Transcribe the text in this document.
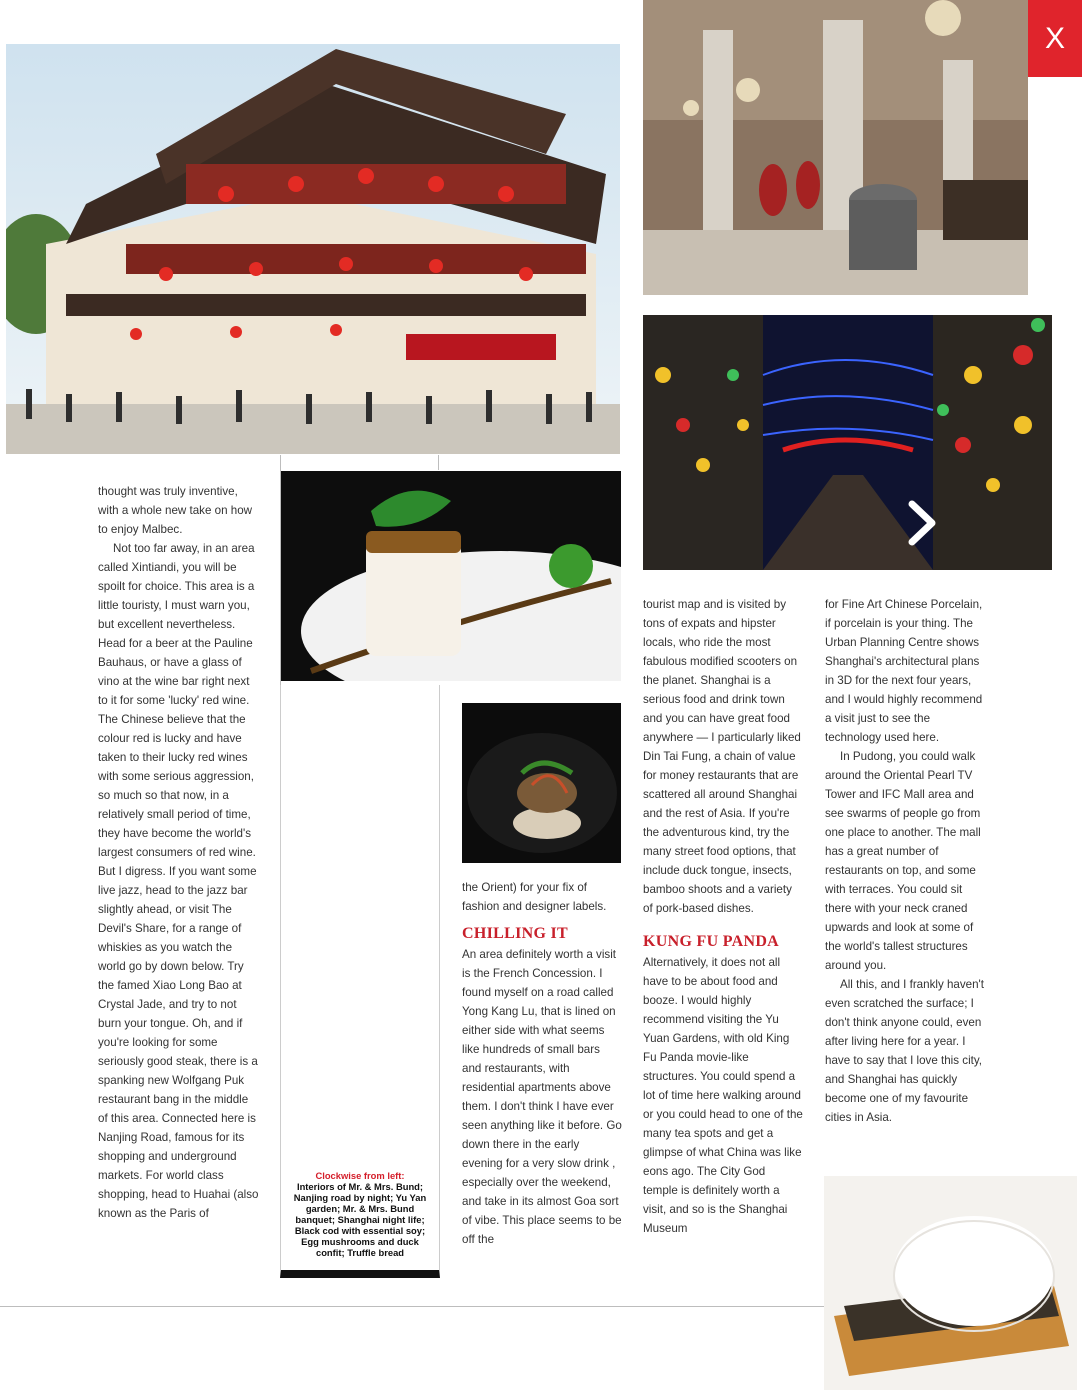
X

thought was truly inventive, with a whole new take on how to enjoy Malbec.

Not too far away, in an area called Xintiandi, you will be spoilt for choice. This area is a little touristy, I must warn you, but excellent nevertheless. Head for a beer at the Pauline Bauhaus, or have a glass of vino at the wine bar right next to it for some 'lucky' red wine. The Chinese believe that the colour red is lucky and have taken to their lucky red wines with some serious aggression, so much so that now, in a relatively small period of time, they have become the world's largest consumers of red wine. But I digress. If you want some live jazz, head to the jazz bar slightly ahead, or visit The Devil's Share, for a range of whiskies as you watch the world go by down below. Try the famed Xiao Long Bao at Crystal Jade, and try to not burn your tongue. Oh, and if you're looking for some seriously good steak, there is a spanking new Wolfgang Puk restaurant bang in the middle of this area. Connected here is Nanjing Road, famous for its shopping and underground markets. For world class shopping, head to Huahai (also known as the Paris of

Clockwise from left:
Interiors of Mr. & Mrs. Bund; Nanjing road by night; Yu Yan garden; Mr. & Mrs. Bund banquet; Shanghai night life; Black cod with essential soy; Egg mushrooms and duck confit; Truffle bread

the Orient) for your fix of fashion and designer labels.

CHILLING IT

An area definitely worth a visit is the French Concession. I found myself on a road called Yong Kang Lu, that is lined on either side with what seems like hundreds of small bars and restaurants, with residential apartments above them. I don't think I have ever seen anything like it before. Go down there in the early evening for a very slow drink , especially over the weekend, and take in its almost Goa sort of vibe. This place seems to be off the

tourist map and is visited by tons of expats and hipster locals, who ride the most fabulous modified scooters on the planet. Shanghai is a serious food and drink town and you can have great food anywhere — I particularly liked Din Tai Fung, a chain of value for money restaurants that are scattered all around Shanghai and the rest of Asia. If you're the adventurous kind, try the many street food options, that include duck tongue, insects, bamboo shoots and a variety of pork-based dishes.

KUNG FU PANDA

Alternatively, it does not all have to be about food and booze. I would highly recommend visiting the Yu Yuan Gardens, with old King Fu Panda movie-like structures. You could spend a lot of time here walking around or you could head to one of the many tea spots and get a glimpse of what China was like eons ago. The City God temple is definitely worth a visit, and so is the Shanghai Museum

for Fine Art Chinese Porcelain, if porcelain is your thing. The Urban Planning Centre shows Shanghai's architectural plans in 3D for the next four years, and I would highly recommend a visit just to see the technology used here.

In Pudong, you could walk around the Oriental Pearl TV Tower and IFC Mall area and see swarms of people go from one place to another. The mall has a great number of restaurants on top, and some with terraces. You could sit there with your neck craned upwards and look at some of the world's tallest structures around you.

All this, and I frankly haven't even scratched the surface; I don't think anyone could, even after living here for a year. I have to say that I love this city, and Shanghai has quickly become one of my favourite cities in Asia.
